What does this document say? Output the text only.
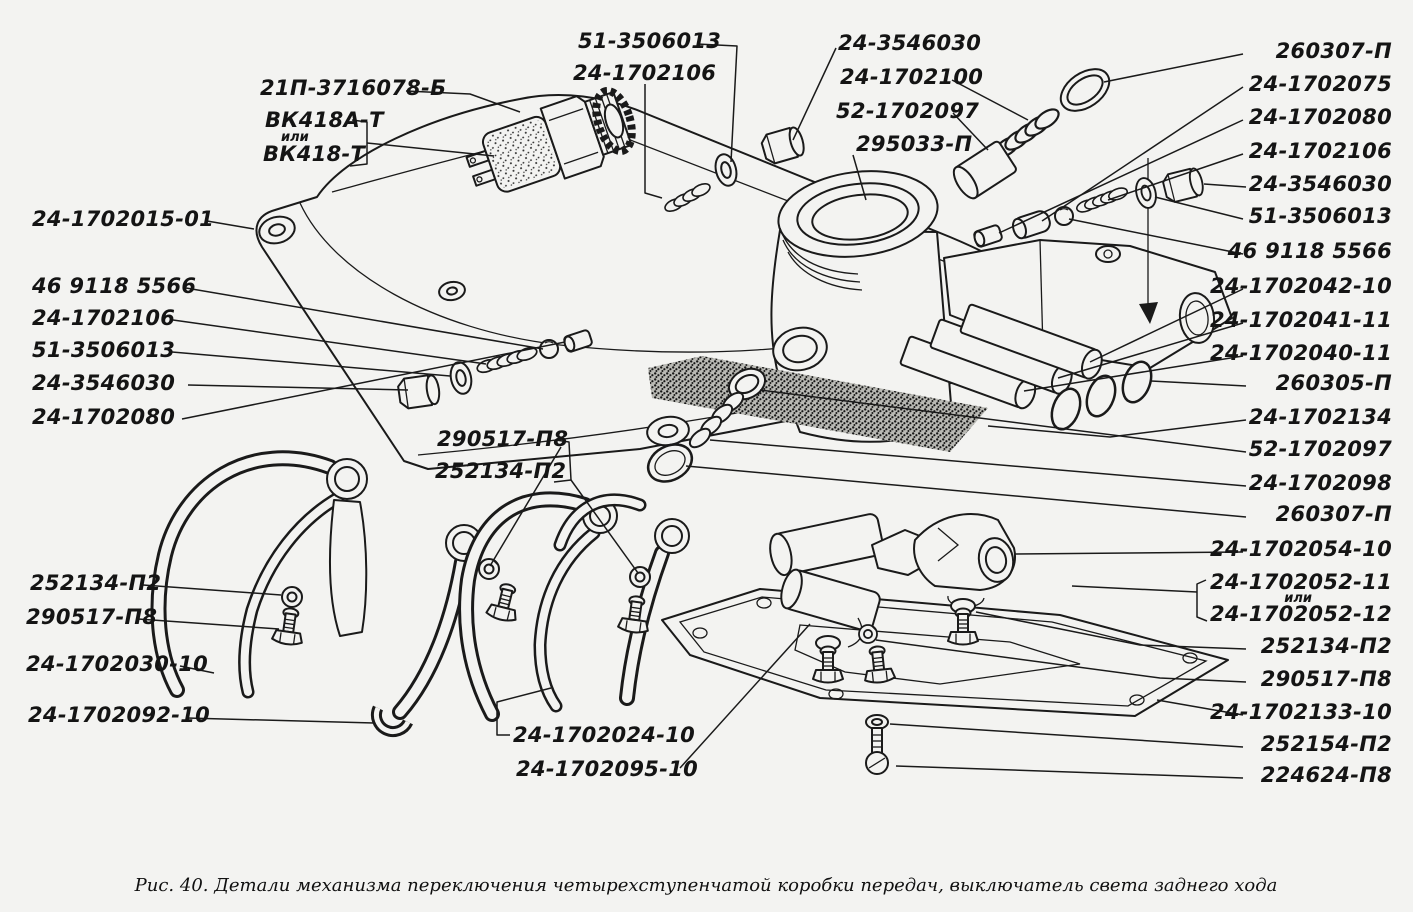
51-3506013
24-1702106
21П-3716078-Б
ВК418А-Т
или
ВК418-Т
24-3546030
24-1702100
52-1702097
295033-П
24-1702015-01
46 9118 5566
24-1702106
51-3506013
24-3546030
24-1702080
252134-П2
290517-П8
24-1702030-10
24-1702092-10
290517-П8
252134-П2
24-1702024-10
24-1702095-10
260307-П
24-1702075
24-1702080
24-1702106
24-3546030
51-3506013
46 9118 5566
24-1702042-10
24-1702041-11
24-1702040-11
260305-П
24-1702134
52-1702097
24-1702098
260307-П
24-1702054-10
24-1702052-11
или
24-1702052-12
252134-П2
290517-П8
24-1702133-10
252154-П2
224624-П8
Рис. 40. Детали механизма переключения четырехступенчатой коробки передач, выключатель света заднего хода
